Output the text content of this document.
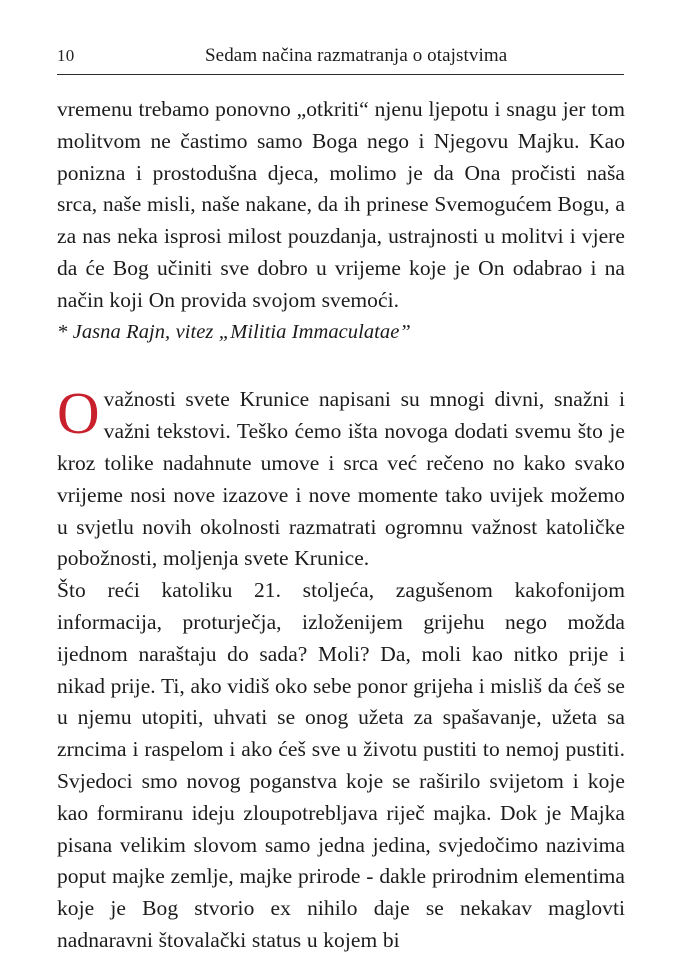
10	Sedam načina razmatranja o otajstvima

vremenu trebamo ponovno „otkriti“ njenu ljepotu i snagu jer tom molitvom ne častimo samo Boga nego i Njegovu Majku. Kao ponizna i prostodušna djeca, molimo je da Ona pročisti naša srca, naše misli, naše nakane, da ih prinese Svemogućem Bogu, a za nas neka isprosi milost pouzdanja, ustrajnosti u molitvi i vjere da će Bog učiniti sve dobro u vrijeme koje je On odabrao i na način koji On provida svojom svemoći.

* Jasna Rajn, vitez „Militia Immaculatae”

O važnosti svete Krunice napisani su mnogi divni, snažni i važni tekstovi. Teško ćemo išta novoga dodati svemu što je kroz tolike nadahnute umove i srca već rečeno no kako svako vrijeme nosi nove izazove i nove momente tako uvijek možemo u svjetlu novih okolnosti razmatrati ogromnu važnost katoličke pobožnosti, moljenja svete Krunice.

Što reći katoliku 21. stoljeća, zagušenom kakofonijom informacija, proturječja, izloženijem grijehu nego možda ijednom naraštaju do sada? Moli? Da, moli kao nitko prije i nikad prije. Ti, ako vidiš oko sebe ponor grijeha i misliš da ćeš se u njemu utopiti, uhvati se onog užeta za spašavanje, užeta sa zrncima i raspelom i ako ćeš sve u životu pustiti to nemoj pustiti. Svjedoci smo novog poganstva koje se raširilo svijetom i koje kao formiranu ideju zloupotrebljava riječ majka. Dok je Majka pisana velikim slovom samo jedna jedina, svjedočimo nazivima poput majke zemlje, majke prirode - dakle prirodnim elementima koje je Bog stvorio ex nihilo daje se nekakav maglovti nadnaravni štovalački status u kojem bi
